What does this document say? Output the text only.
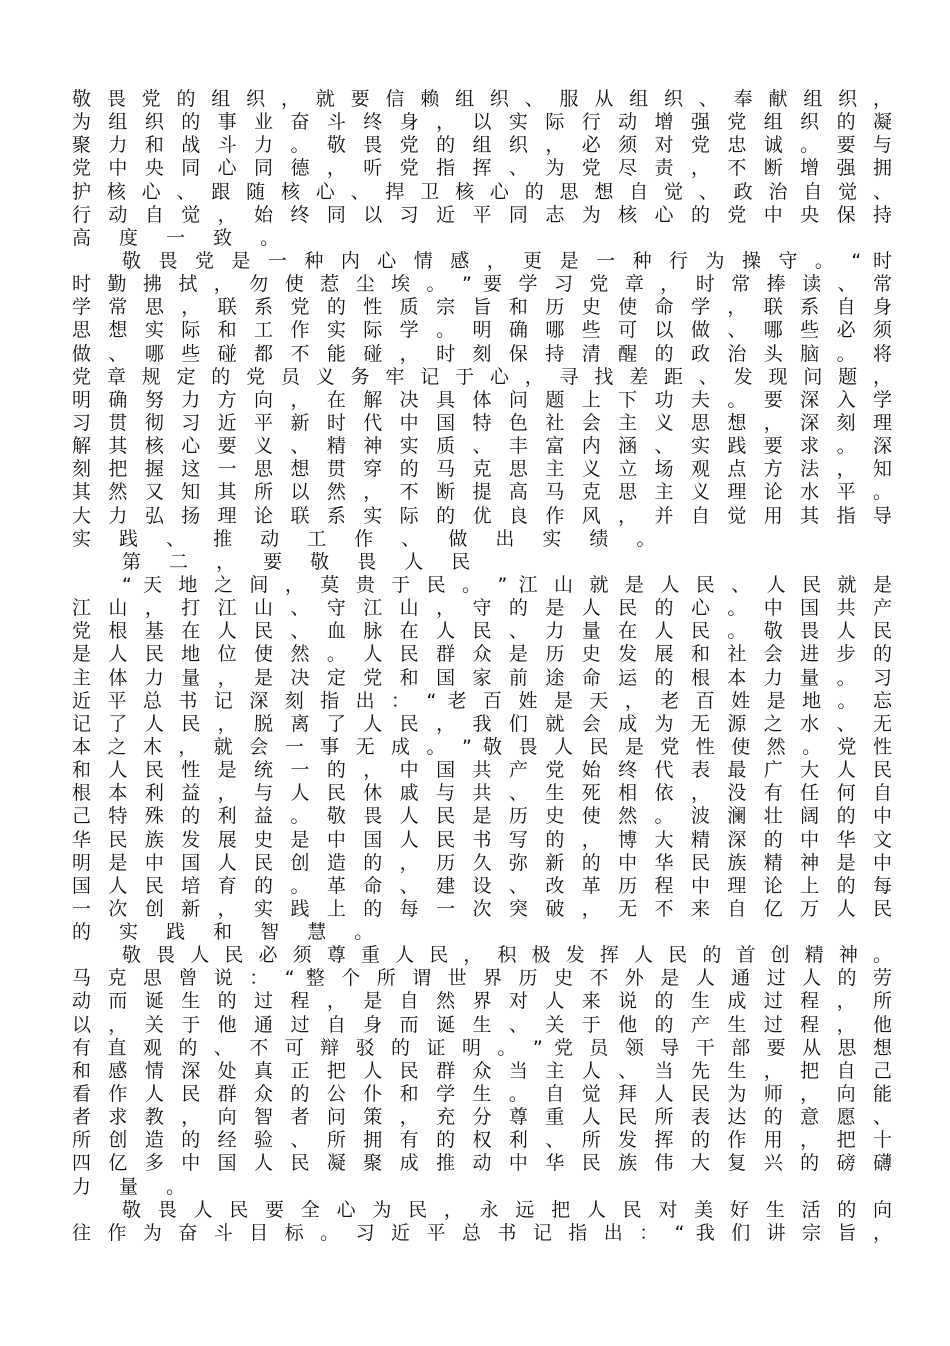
敬 畏 党 的 组 织 ， 就 要 信 赖 组 织 、 服 从 组 织 、 奉 献 组 织 ，
为 组 织 的 事 业 奋 斗 终 身 ， 以 实 际 行 动 增 强 党 组 织 的 凝
聚 力 和 战 斗 力 。 敬 畏 党 的 组 织 ， 必 须 对 党 忠 诚 。 要 与
党 中 央 同 心 同 德 ， 听 党 指 挥 、 为 党 尽 责 ， 不 断 增 强 拥
护 核 心 、 跟 随 核 心 、 捍 卫 核 心 的 思 想 自 觉 、 政 治 自 觉 、
行 动 自 觉 ， 始 终 同 以 习 近 平 同 志 为 核 心 的 党 中 央 保 持
高 度 一 致 。
敬 畏 党 是 一 种 内 心 情 感 ， 更 是 一 种 行 为 操 守 。 “ 时
时 勤 拂 拭 ， 勿 使 惹 尘 埃 。 ” 要 学 习 党 章 ， 时 常 捧 读 、 常
学 常 思 ， 联 系 党 的 性 质 宗 旨 和 历 史 使 命 学 ， 联 系 自 身
思 想 实 际 和 工 作 实 际 学 。 明 确 哪 些 可 以 做 、 哪 些 必 须
做 、 哪 些 碰 都 不 能 碰 ， 时 刻 保 持 清 醒 的 政 治 头 脑 。 将
党 章 规 定 的 党 员 义 务 牢 记 于 心 ， 寻 找 差 距 、 发 现 问 题 ，
明 确 努 力 方 向 ， 在 解 决 具 体 问 题 上 下 功 夫 。 要 深 入 学
习 贯 彻 习 近 平 新 时 代 中 国 特 色 社 会 主 义 思 想 ， 深 刻 理
解 其 核 心 要 义 、 精 神 实 质 、 丰 富 内 涵 、 实 践 要 求 。 深
刻 把 握 这 一 思 想 贯 穿 的 马 克 思 主 义 立 场 观 点 方 法 ， 知
其 然 又 知 其 所 以 然 ， 不 断 提 高 马 克 思 主 义 理 论 水 平 。
大 力 弘 扬 理 论 联 系 实 际 的 优 良 作 风 ， 并 自 觉 用 其 指 导
实 践 、 推 动 工 作 、 做 出 实 绩 。
第 二 ， 要 敬 畏 人 民
“ 天 地 之 间 ， 莫 贵 于 民 。 ” 江 山 就 是 人 民 、 人 民 就 是
江 山 ， 打 江 山 、 守 江 山 ， 守 的 是 人 民 的 心 。 中 国 共 产
党 根 基 在 人 民 、 血 脉 在 人 民 、 力 量 在 人 民 。 敬 畏 人 民
是 人 民 地 位 使 然 。 人 民 群 众 是 历 史 发 展 和 社 会 进 步 的
主 体 力 量 ， 是 决 定 党 和 国 家 前 途 命 运 的 根 本 力 量 。 习
近 平 总 书 记 深 刻 指 出 ： “ 老 百 姓 是 天 ， 老 百 姓 是 地 。 忘
记 了 人 民 ， 脱 离 了 人 民 ， 我 们 就 会 成 为 无 源 之 水 、 无
本 之 木 ， 就 会 一 事 无 成 。 ” 敬 畏 人 民 是 党 性 使 然 。 党 性
和 人 民 性 是 统 一 的 ， 中 国 共 产 党 始 终 代 表 最 广 大 人 民
根 本 利 益 ， 与 人 民 休 戚 与 共 、 生 死 相 依 ， 没 有 任 何 自
己 特 殊 的 利 益 。 敬 畏 人 民 是 历 史 使 然 。 波 澜 壮 阔 的 中
华 民 族 发 展 史 是 中 国 人 民 书 写 的 ， 博 大 精 深 的 中 华 文
明 是 中 国 人 民 创 造 的 ， 历 久 弥 新 的 中 华 民 族 精 神 是 中
国 人 民 培 育 的 。 革 命 、 建 设 、 改 革 历 程 中 理 论 上 的 每
一 次 创 新 ， 实 践 上 的 每 一 次 突 破 ， 无 不 来 自 亿 万 人 民
的 实 践 和 智 慧 。
敬 畏 人 民 必 须 尊 重 人 民 ， 积 极 发 挥 人 民 的 首 创 精 神 。
马 克 思 曾 说 ： “ 整 个 所 谓 世 界 历 史 不 外 是 人 通 过 人 的 劳
动 而 诞 生 的 过 程 ， 是 自 然 界 对 人 来 说 的 生 成 过 程 ， 所
以 ， 关 于 他 通 过 自 身 而 诞 生 、 关 于 他 的 产 生 过 程 ， 他
有 直 观 的 、 不 可 辩 驳 的 证 明 。 ” 党 员 领 导 干 部 要 从 思 想
和 感 情 深 处 真 正 把 人 民 群 众 当 主 人 、 当 先 生 ， 把 自 己
看 作 人 民 群 众 的 公 仆 和 学 生 。 自 觉 拜 人 民 为 师 ， 向 能
者 求 教 ， 向 智 者 问 策 ， 充 分 尊 重 人 民 所 表 达 的 意 愿 、
所 创 造 的 经 验 、 所 拥 有 的 权 利 、 所 发 挥 的 作 用 ， 把 十
四 亿 多 中 国 人 民 凝 聚 成 推 动 中 华 民 族 伟 大 复 兴 的 磅 礴
力 量 。
敬 畏 人 民 要 全 心 为 民 ， 永 远 把 人 民 对 美 好 生 活 的 向
往 作 为 奋 斗 目 标 。 习 近 平 总 书 记 指 出 ： “ 我 们 讲 宗 旨 ，
